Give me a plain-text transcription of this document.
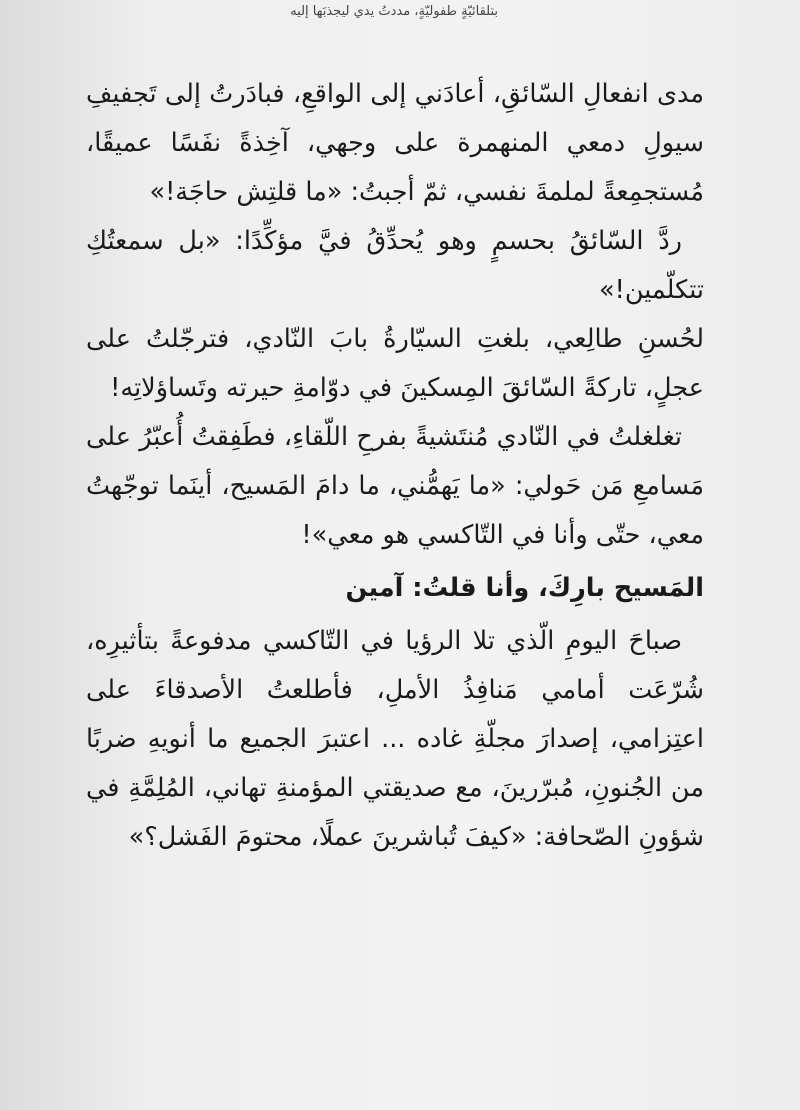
بتلقائيّةٍ طفوليّةٍ، مددتُ يدي ليجذبَها إليه

مدى انفعالِ السّائقِ، أعادَني إلى الواقعِ، فبادَرتُ إلى تَجفيفِ سيولِ دمعي المنهمرة على وجهي، آخِذةً نفَسًا عميقًا، مُستجمِعةً لملمةَ نفسي، ثمّ أجبتُ: «ما قلتِش حاجَة!»

ردَّ السّائقُ بحسمٍ وهو يُحدِّقُ فيَّ مؤكِّدًا: «بل سمعتُكِ تتكلّمين!»

لحُسنِ طالِعي، بلغتِ السيّارةُ بابَ النّادي، فترجّلتُ على عجلٍ، تاركةً السّائقَ المِسكينَ في دوّامةِ حيرته وتَساؤلاتِه!

تغلغلتُ في النّادي مُنتَشيةً بفرحِ اللّقاءِ، فطَفِقتُ أُعبّرُ على مَسامعِ مَن حَولي: «ما يَهمُّني، ما دامَ المَسيح، أينَما توجّهتُ معي، حتّى وأنا في التّاكسي هو معي»!

المَسيح بارِكَ، وأنا قلتُ: آمين

صباحَ اليومِ الّذي تلا الرؤيا في التّاكسي مدفوعةً بتأثيرِه، شُرّعَت أمامي مَنافِذُ الأملِ، فأطلعتُ الأصدقاءَ على اعتِزامي، إصدارَ مجلّةِ غاده ... اعتبرَ الجميع ما أنويهِ ضربًا من الجُنونِ، مُبرّرينَ، مع صديقتي المؤمنةِ تهاني، المُلِمَّةِ في شؤونِ الصّحافة: «كيفَ تُباشرينَ عملًا، محتومَ الفَشل؟»
